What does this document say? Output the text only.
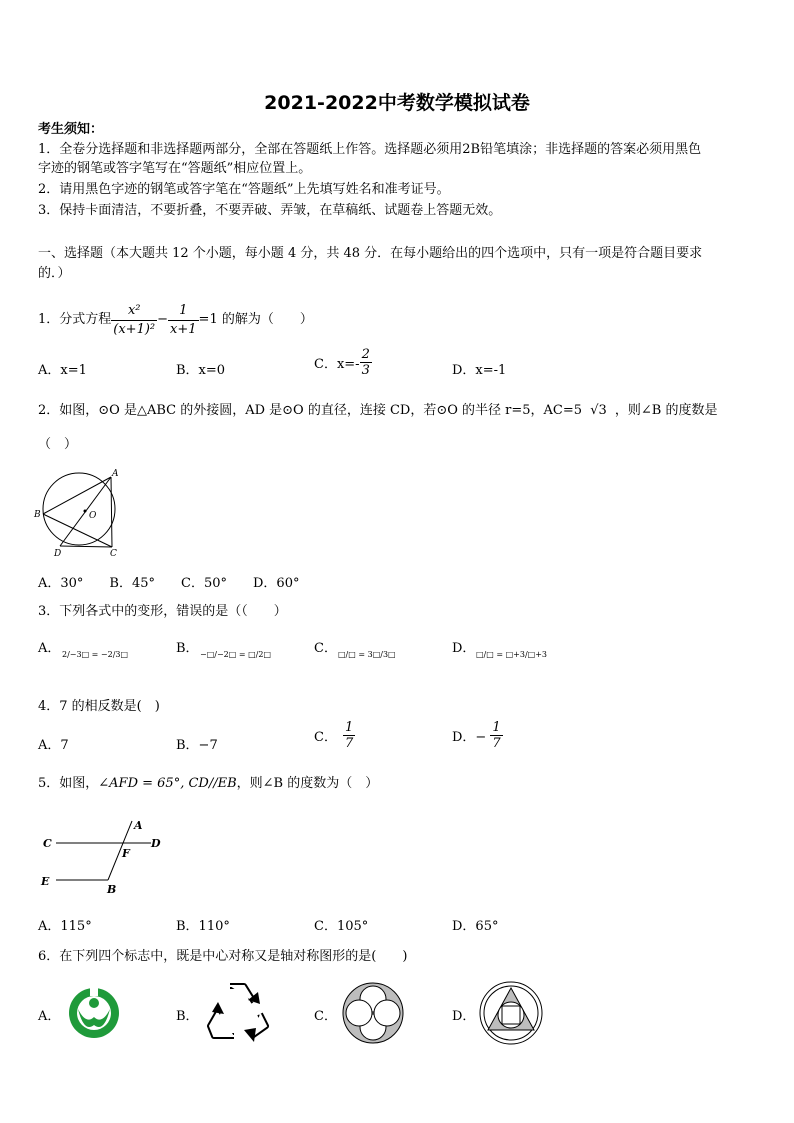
2021-2022中考数学模拟试卷
考生须知：
1．全卷分选择题和非选择题两部分，全部在答题纸上作答。选择题必须用2B铅笔填涂；非选择题的答案必须用黑色
字迹的钢笔或答字笔写在“答题纸”相应位置上。
2．请用黑色字迹的钢笔或答字笔在“答题纸”上先填写姓名和准考证号。
3．保持卡面清洁，不要折叠，不要弄破、弄皱，在草稿纸、试题卷上答题无效。
一、选择题（本大题共 12 个小题，每小题 4 分，共 48 分．在每小题给出的四个选项中，只有一项是符合题目要求
的．）
1．分式方程 $\frac{\text{x²}}{\text{(x+1)²}} - \frac{1}{x+1} =1$ 的解为（　　）
A．x=1	B．x=0	C．$x=- \frac{2}{3}$	D．x=-1
2．如图，⊙O 是△ABC 的外接圆，AD 是⊙O 的直径，连接 CD，若⊙O 的半径 r=5，AC=5 √3 ，则∠B 的度数是
（　）
A
B	O
D	C
A．30°　　B．45°　　C．50°　　D．60°
3．下列各式中的变形，错误的是（（　　）
A． 2/−3□ = −2/3□	B． −□/−2□ = □/2□	C． □/□ = 3□/3□	D． □/□ = □+3/□+3
4．7 的相反数是(　)
A．7	B．−7
C． $\frac{1}{7}$	D．− $\frac{1}{7}$
5．如图，∠AFD = 65°, CD//EB，则∠B 的度数为（　）
A
C	D
F
E
B
A．115°	B．110°	C．105°	D．65°
6．在下列四个标志中，既是中心对称又是轴对称图形的是(　　)
A．	B．	C．	D．
